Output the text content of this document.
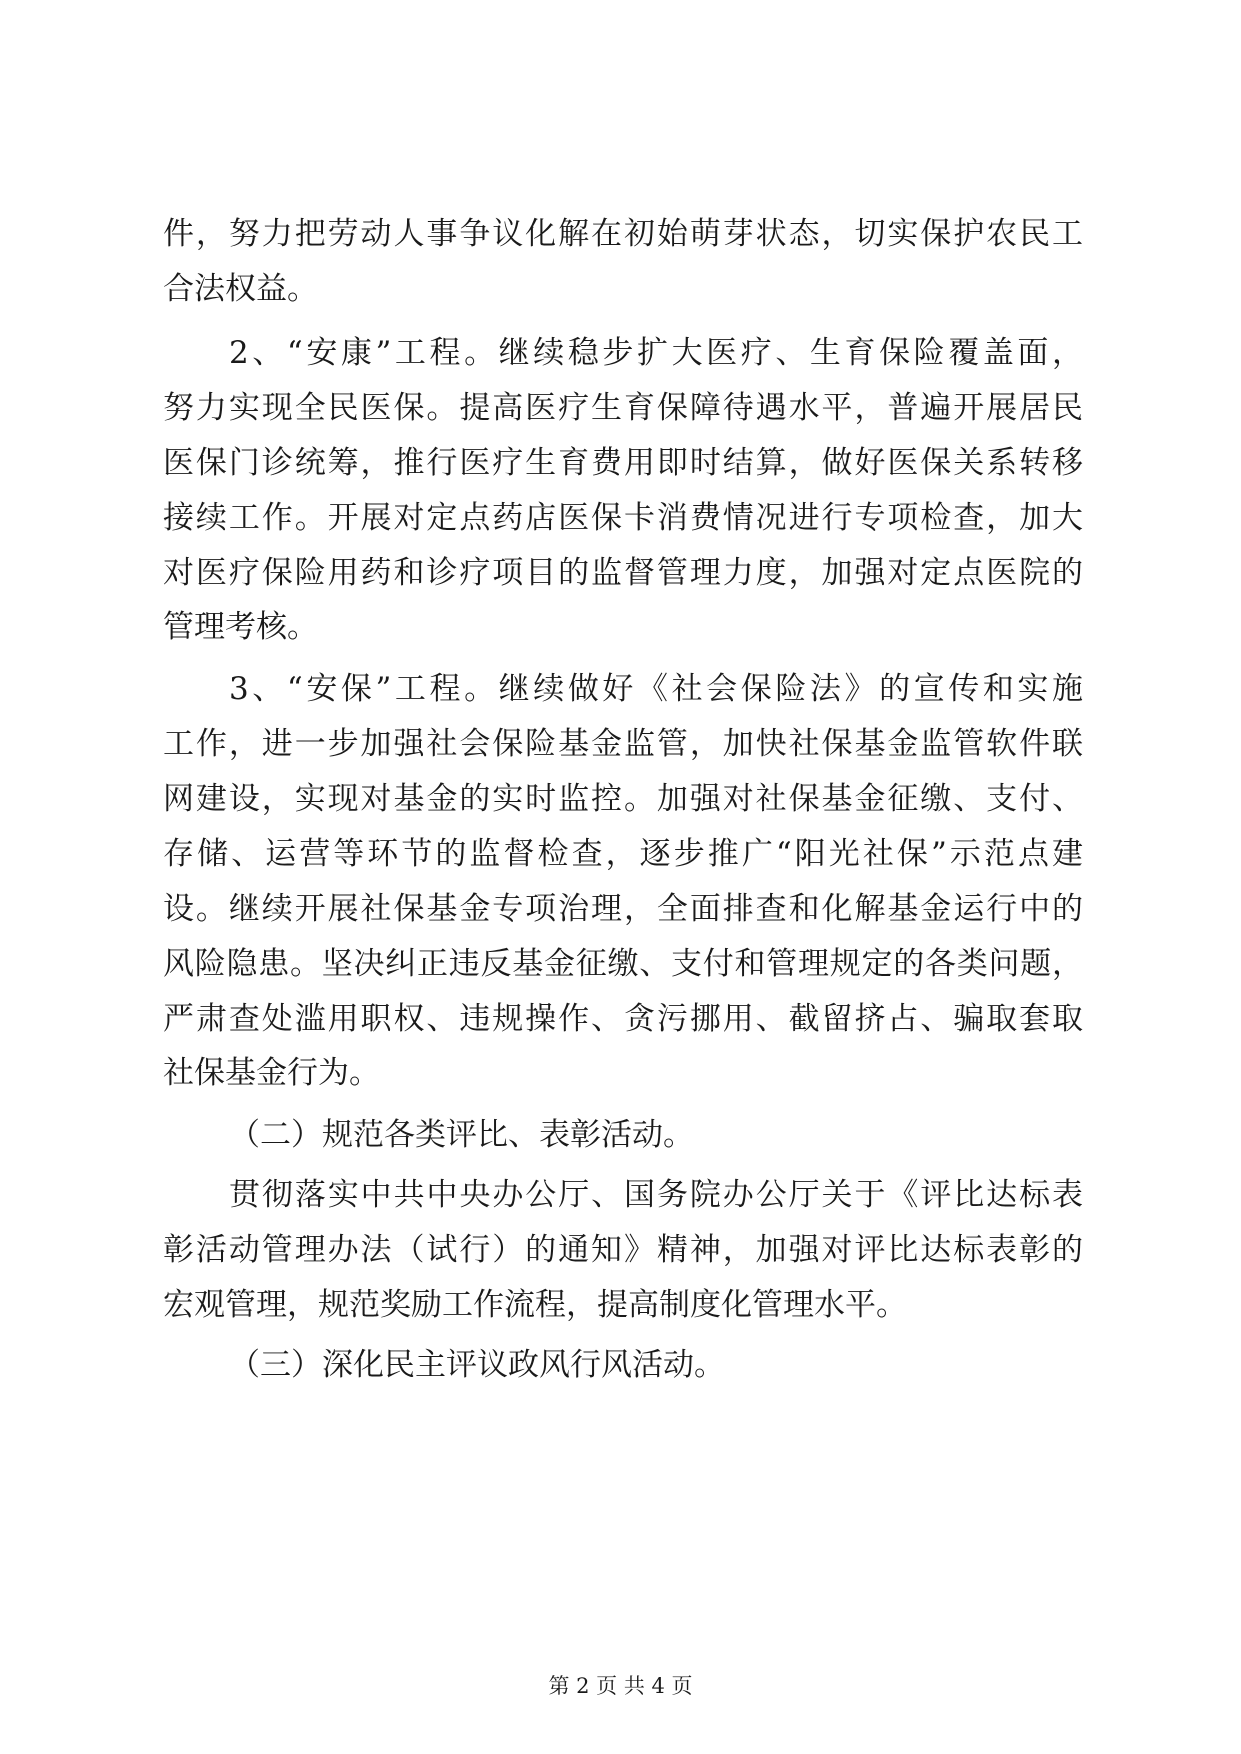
件，努力把劳动人事争议化解在初始萌芽状态，切实保护农民工
合法权益。
2、“安康”工程。继续稳步扩大医疗、生育保险覆盖面，
努力实现全民医保。提高医疗生育保障待遇水平，普遍开展居民
医保门诊统筹，推行医疗生育费用即时结算，做好医保关系转移
接续工作。开展对定点药店医保卡消费情况进行专项检查，加大
对医疗保险用药和诊疗项目的监督管理力度，加强对定点医院的
管理考核。
3、“安保”工程。继续做好《社会保险法》的宣传和实施
工作，进一步加强社会保险基金监管，加快社保基金监管软件联
网建设，实现对基金的实时监控。加强对社保基金征缴、支付、
存储、运营等环节的监督检查，逐步推广“阳光社保”示范点建
设。继续开展社保基金专项治理，全面排查和化解基金运行中的
风险隐患。坚决纠正违反基金征缴、支付和管理规定的各类问题，
严肃查处滥用职权、违规操作、贪污挪用、截留挤占、骗取套取
社保基金行为。
（二）规范各类评比、表彰活动。
贯彻落实中共中央办公厅、国务院办公厅关于《评比达标表
彰活动管理办法（试行）的通知》精神，加强对评比达标表彰的
宏观管理，规范奖励工作流程，提高制度化管理水平。
（三）深化民主评议政风行风活动。
第 2 页 共 4 页
